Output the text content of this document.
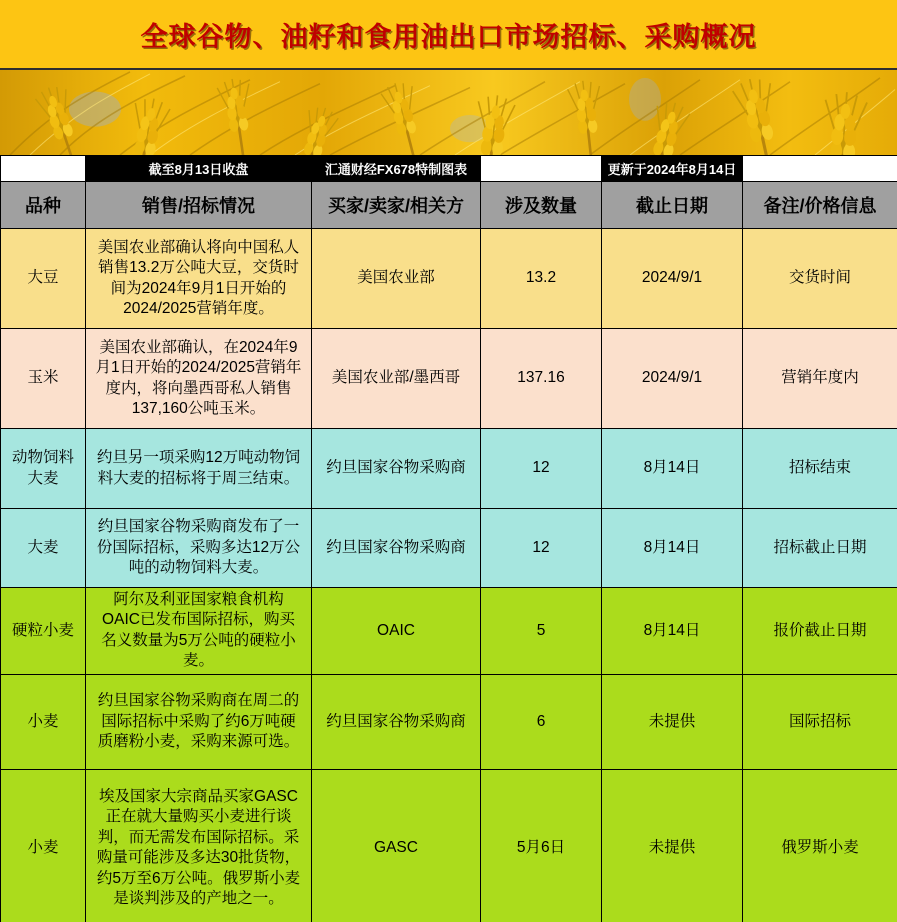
全球谷物、油籽和食用油出口市场招标、采购概况
	截至8月13日收盘	汇通财经FX678特制图表		更新于2024年8月14日	
品种	销售/招标情况	买家/卖家/相关方	涉及数量	截止日期	备注/价格信息
大豆	美国农业部确认将向中国私人销售13.2万公吨大豆，交货时间为2024年9月1日开始的2024/2025营销年度。	美国农业部	13.2	2024/9/1	交货时间
玉米	美国农业部确认，在2024年9月1日开始的2024/2025营销年度内，将向墨西哥私人销售137,160公吨玉米。	美国农业部/墨西哥	137.16	2024/9/1	营销年度内
动物饲料大麦	约旦另一项采购12万吨动物饲料大麦的招标将于周三结束。	约旦国家谷物采购商	12	8月14日	招标结束
大麦	约旦国家谷物采购商发布了一份国际招标，采购多达12万公吨的动物饲料大麦。	约旦国家谷物采购商	12	8月14日	招标截止日期
硬粒小麦	阿尔及利亚国家粮食机构OAIC已发布国际招标，购买名义数量为5万公吨的硬粒小麦。	OAIC	5	8月14日	报价截止日期
小麦	约旦国家谷物采购商在周二的国际招标中采购了约6万吨硬质磨粉小麦，采购来源可选。	约旦国家谷物采购商	6	未提供	国际招标
小麦	埃及国家大宗商品买家GASC正在就大量购买小麦进行谈判，而无需发布国际招标。采购量可能涉及多达30批货物，约5万至6万公吨。俄罗斯小麦是谈判涉及的产地之一。	GASC	5月6日	未提供	俄罗斯小麦
